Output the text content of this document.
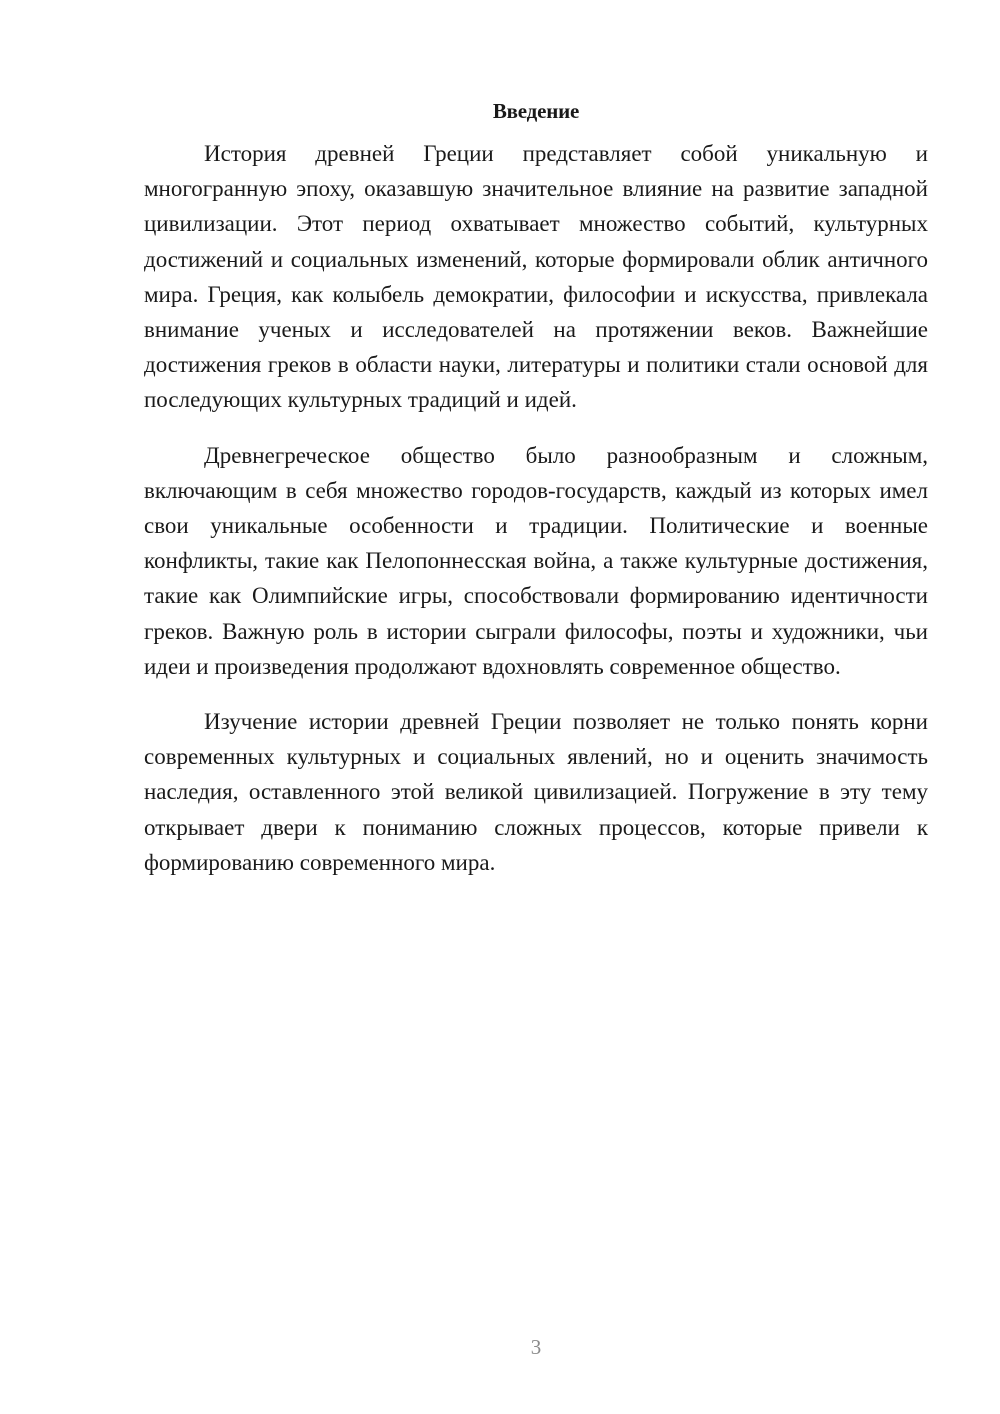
Введение

История древней Греции представляет собой уникальную и многогранную эпоху, оказавшую значительное влияние на развитие западной цивилизации. Этот период охватывает множество событий, культурных достижений и социальных изменений, которые формировали облик античного мира. Греция, как колыбель демократии, философии и искусства, привлекала внимание ученых и исследователей на протяжении веков. Важнейшие достижения греков в области науки, литературы и политики стали основой для последующих культурных традиций и идей.

Древнегреческое общество было разнообразным и сложным, включающим в себя множество городов-государств, каждый из которых имел свои уникальные особенности и традиции. Политические и военные конфликты, такие как Пелопоннесская война, а также культурные достижения, такие как Олимпийские игры, способствовали формированию идентичности греков. Важную роль в истории сыграли философы, поэты и художники, чьи идеи и произведения продолжают вдохновлять современное общество.

Изучение истории древней Греции позволяет не только понять корни современных культурных и социальных явлений, но и оценить значимость наследия, оставленного этой великой цивилизацией. Погружение в эту тему открывает двери к пониманию сложных процессов, которые привели к формированию современного мира.

3
